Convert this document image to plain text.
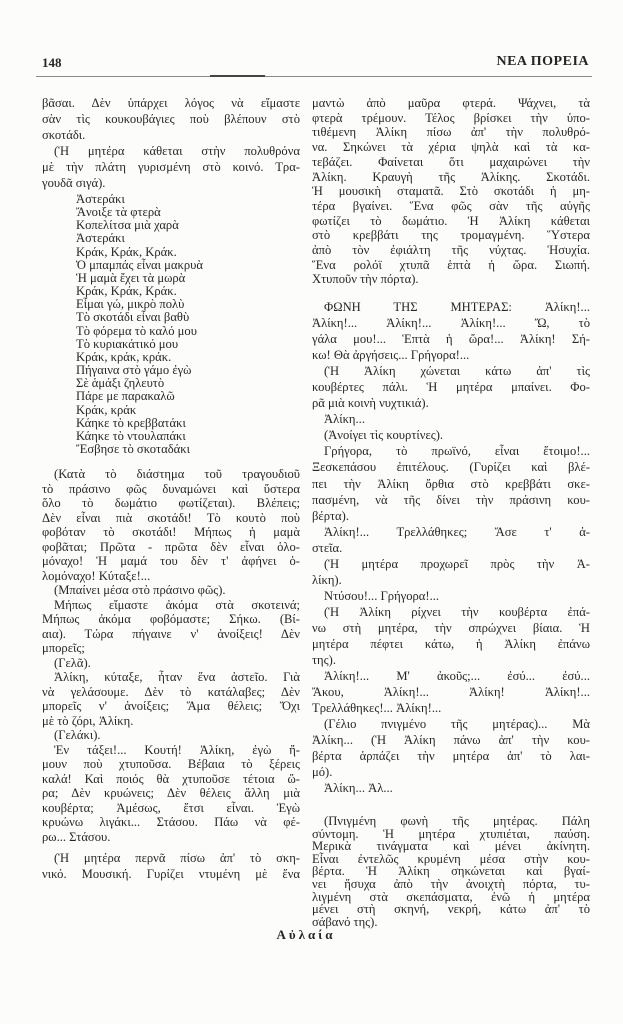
148	ΝΕΑ ΠΟΡΕΙΑ
βᾶσαι. Δὲν ὑπάρχει λόγος νὰ εἴμαστε
σὰν τὶς κουκουβάγιες ποὺ βλέπουν στὸ
σκοτάδι.
(Ἡ μητέρα κάθεται στὴν πολυθρόνα
μὲ τὴν πλάτη γυρισμένη στὸ κοινό. Τρα-
γουδᾶ σιγά).
Ἀστεράκι
Ἄνοιξε τὰ φτερὰ
Κοπελίτσα μιὰ χαρὰ
Ἀστεράκι
Κράκ, Κράκ, Κράκ.
Ὁ μπαμπάς εἶναι μακρυὰ
Ἡ μαμὰ ἔχει τὰ μωρὰ
Κράκ, Κράκ, Κράκ.
Εἶμαι γώ, μικρὸ πολὺ
Τὸ σκοτάδι εἶναι βαθὺ
Τὸ φόρεμα τὸ καλό μου
Τὸ κυριακάτικό μου
Κράκ, κράκ, κράκ.
Πήγαινα στὸ γάμο ἐγὼ
Σὲ ἁμάξι ζηλευτὸ
Πάρε με παρακαλῶ
Κράκ, κράκ
Κάηκε τὸ κρεββατάκι
Κάηκε τὸ ντουλαπάκι
Ἔσβησε τὸ σκοταδάκι
(Κατὰ τὸ διάστημα τοῦ τραγουδιοῦ
τὸ πράσινο φῶς δυναμώνει καὶ ὕστερα
ὅλο τὸ δωμάτιο φωτίζεται). Βλέπεις;
Δὲν εἶναι πιὰ σκοτάδι! Τὸ κουτὸ ποὺ
φοβόταν τὸ σκοτάδι! Μήπως ἡ μαμὰ
φοβᾶται; Πρῶτα - πρῶτα δὲν εἶναι ὁλο-
μόναχο! Ἡ μαμά του δὲν τ' ἀφήνει ὁ-
λομόναχο! Κύταξε!...
(Μπαίνει μέσα στὸ πράσινο φῶς).
Μήπως εἴμαστε ἀκόμα στὰ σκοτεινά;
Μήπως ἀκόμα φοβόμαστε; Σήκω. (Βί-
αια). Τώρα πήγαινε ν' ἀνοίξεις! Δὲν
μπορεῖς;
(Γελᾶ).
Ἀλίκη, κύταξε, ἦταν ἕνα ἀστεῖο. Γιὰ
νὰ γελάσουμε. Δὲν τὸ κατάλαβες; Δὲν
μπορεῖς ν' ἀνοίξεις; Ἅμα θέλεις; Ὄχι
μὲ τὸ ζόρι, Ἀλίκη.
(Γελάκι).
Ἐν τάξει!... Κουτή! Ἀλίκη, ἐγὼ ἤ-
μουν ποὺ χτυποῦσα. Βέβαια τὸ ξέρεις
καλά! Καὶ ποιός θὰ χτυποῦσε τέτοια ὥ-
ρα; Δὲν κρυώνεις; Δὲν θέλεις ἄλλη μιὰ
κουβέρτα; Ἀμέσως, ἔτσι εἶναι. Ἐγὼ
κρυώνω λιγάκι... Στάσου. Πάω νὰ φέ-
ρω... Στάσου.
(Ἡ μητέρα περνᾶ πίσω ἀπ' τὸ σκη-
νικό. Μουσική. Γυρίζει ντυμένη μὲ ἕνα
μαντὼ ἀπὸ μαῦρα φτερά. Ψάχνει, τὰ
φτερὰ τρέμουν. Τέλος βρίσκει τὴν ὑπο-
τιθέμενη Ἀλίκη πίσω ἀπ' τὴν πολυθρό-
να. Σηκώνει τὰ χέρια ψηλὰ καὶ τὰ κα-
τεβάζει. Φαίνεται ὅτι μαχαιρώνει τὴν
Ἀλίκη. Κραυγὴ τῆς Ἀλίκης. Σκοτάδι.
Ἡ μουσικὴ σταματᾶ. Στὸ σκοτάδι ἡ μη-
τέρα βγαίνει. Ἕνα φῶς σὰν τῆς αὐγῆς
φωτίζει τὸ δωμάτιο. Ἡ Ἀλίκη κάθεται
στὸ κρεββάτι της τρομαγμένη. Ὕστερα
ἀπὸ τὸν ἐφιάλτη τῆς νύχτας. Ἡσυχία.
Ἕνα ρολόϊ χτυπᾶ ἑπτὰ ἡ ὥρα. Σιωπή.
Χτυποῦν τὴν πόρτα).
ΦΩΝΗ ΤΗΣ ΜΗΤΕΡΑΣ: Ἀλίκη!...
Ἀλίκη!... Ἀλίκη!... Ἀλίκη!... Ὤ, τὸ
γάλα μου!... Ἑπτὰ ἡ ὥρα!... Ἀλίκη! Σή-
κω! Θὰ ἀργήσεις... Γρήγορα!...
(Ἡ Ἀλίκη χώνεται κάτω ἀπ' τὶς
κουβέρτες πάλι. Ἡ μητέρα μπαίνει. Φο-
ρᾶ μιὰ κοινὴ νυχτικιά).
Ἀλίκη...
(Ἀνοίγει τὶς κουρτίνες).
Γρήγορα, τὸ πρωϊνό, εἶναι ἕτοιμο!...
Ξεσκεπάσου ἐπιτέλους. (Γυρίζει καὶ βλέ-
πει τὴν Ἀλίκη ὄρθια στὸ κρεββάτι σκε-
πασμένη, νὰ τῆς δίνει τὴν πράσινη κου-
βέρτα).
Ἀλίκη!... Τρελλάθηκες; Ἄσε τ' ἀ-
στεῖα.
(Ἡ μητέρα προχωρεῖ πρὸς τὴν Ἀ-
λίκη).
Ντύσου!... Γρήγορα!...
(Ἡ Ἀλίκη ρίχνει τὴν κουβέρτα ἐπά-
νω στὴ μητέρα, τὴν σπρώχνει βίαια. Ἡ
μητέρα πέφτει κάτω, ἡ Ἀλίκη ἐπάνω
της).
Ἀλίκη!... Μ' ἀκοῦς;... ἐσύ... ἐσύ...
Ἄκου, Ἀλίκη!... Ἀλίκη! Ἀλίκη!...
Τρελλάθηκες!... Ἀλίκη!...
(Γέλιο πνιγμένο τῆς μητέρας)... Μὰ
Ἀλίκη... (Ἡ Ἀλίκη πάνω ἀπ' τὴν κου-
βέρτα ἁρπάζει τὴν μητέρα ἀπ' τὸ λαι-
μό).
Ἀλίκη... Ἀλ...
(Πνιγμένη φωνὴ τῆς μητέρας. Πάλη
σύντομη. Ἡ μητέρα χτυπιέται, παύση.
Μερικὰ τινάγματα καὶ μένει ἀκίνητη.
Εἶναι ἐντελῶς κρυμένη μέσα στὴν κου-
βέρτα. Ἡ Ἀλίκη σηκώνεται καὶ βγαί-
νει ἥσυχα ἀπὸ τὴν ἀνοιχτὴ πόρτα, τυ-
λιγμένη στὰ σκεπάσματα, ἐνῶ ἡ μητέρα
μένει στὴ σκηνή, νεκρή, κάτω ἀπ' τὸ
σάβανό της).
Αὐλαία
